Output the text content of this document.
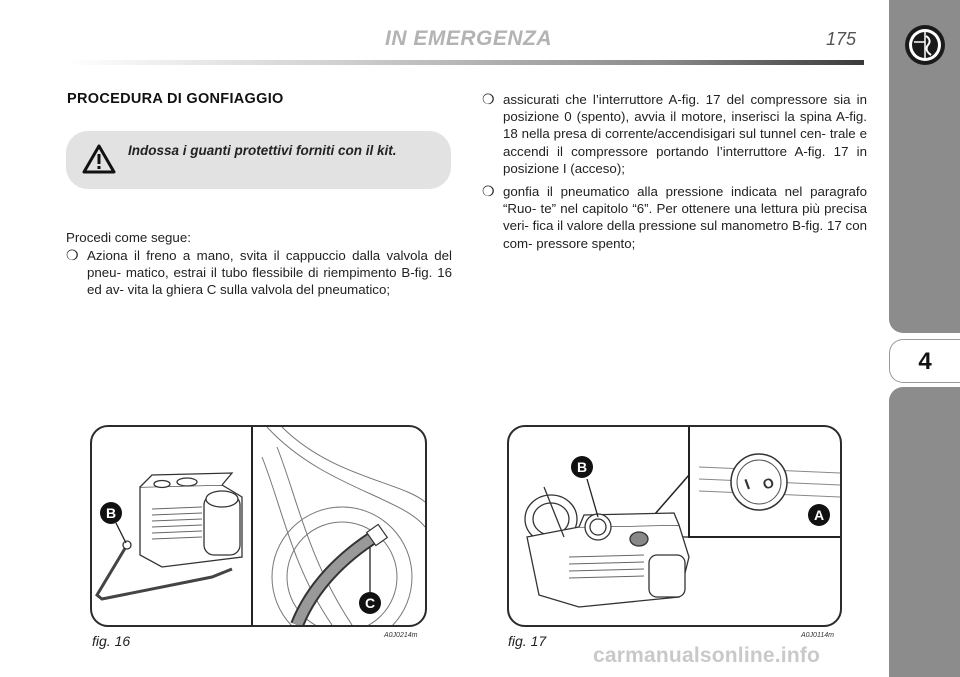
IN EMERGENZA	175
4
PROCEDURA DI GONFIAGGIO
Indossa i guanti protettivi forniti con il kit.
Procedi come segue:
❍ Aziona il freno a mano, svita il cappuccio dalla valvola del pneu- matico, estrai il tubo flessibile di riempimento B-fig. 16 ed av- vita la ghiera C sulla valvola del pneumatico;
❍ assicurati che l’interruttore A-fig. 17 del compressore sia in posizione 0 (spento), avvia il motore, inserisci la spina A-fig. 18 nella presa di corrente/accendisigari sul tunnel cen- trale e accendi il compressore portando l’interruttore A-fig. 17 in posizione I (acceso);
❍ gonfia il pneumatico alla pressione indicata nel paragrafo “Ruo- te” nel capitolo “6”. Per ottenere una lettura più precisa veri- fica il valore della pressione sul manometro B-fig. 17 con com- pressore spento;
B
C
fig. 16	A0J0214m
I O
A
B
fig. 17	A0J0114m
carmanualsonline.info
